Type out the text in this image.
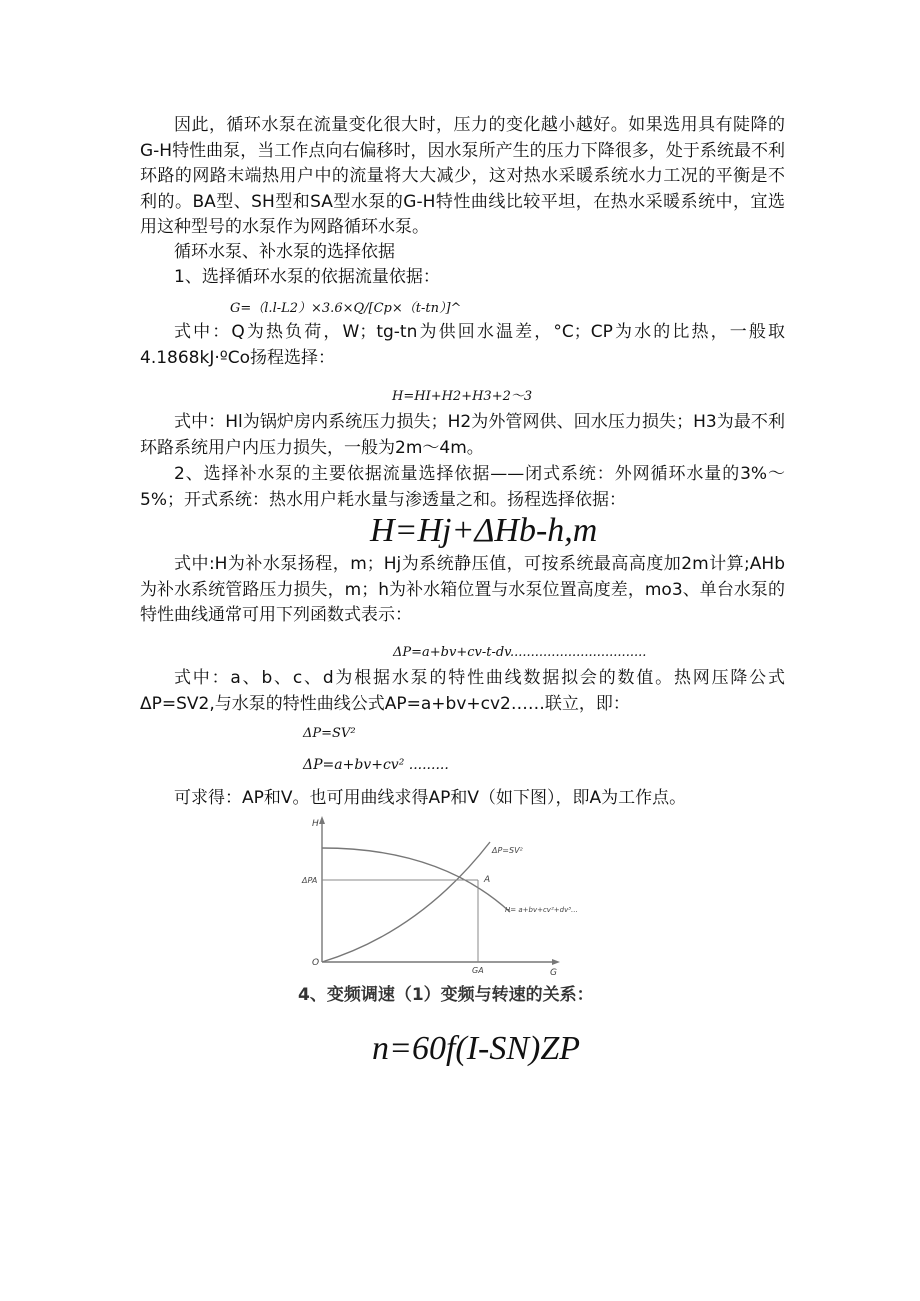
因此，循环水泵在流量变化很大时，压力的变化越小越好。如果选用具有陡降的G-H特性曲泵，当工作点向右偏移时，因水泵所产生的压力下降很多，处于系统最不利环路的网路末端热用户中的流量将大大减少，这对热水采暖系统水力工况的平衡是不利的。BA型、SH型和SA型水泵的G-H特性曲线比较平坦，在热水采暖系统中，宜选用这种型号的水泵作为网路循环水泵。
循环水泵、补水泵的选择依据
1、选择循环水泵的依据流量依据：
G=（l.l-L2）×3.6×Q/[Cp×（t-tn）]^
式中：Q为热负荷，W；tg-tn为供回水温差，°C；CP为水的比热，一般取4.1868kJ·ºCo扬程选择：
H=HI+H2+H3+2～3
式中：Hl为锅炉房内系统压力损失；H2为外管网供、回水压力损失；H3为最不利环路系统用户内压力损失，一般为2m～4m。
2、选择补水泵的主要依据流量选择依据——闭式系统：外网循环水量的3%～5%；开式系统：热水用户耗水量与渗透量之和。扬程选择依据：
H=Hj+ΔHb-h,m
式中:H为补水泵扬程，m；Hj为系统静压值，可按系统最高高度加2m计算;AHb为补水系统管路压力损失，m；h为补水箱位置与水泵位置高度差，mo3、单台水泵的特性曲线通常可用下列函数式表示：
ΔP=a+bv+cv-t-dv.................................
式中：a、b、c、d为根据水泵的特性曲线数据拟会的数值。热网压降公式ΔP=SV2,与水泵的特性曲线公式AP=a+bv+cv2……联立，即：
ΔP=SV²
ΔP=a+bv+cv² .........
可求得：AP和V。也可用曲线求得AP和V（如下图），即A为工作点。
H
G
O
ΔPA
GA
A
ΔP=SV²
H= a+bv+cv²+dv³…
4、变频调速（1）变频与转速的关系：
n=60f(I-SN)ZP
